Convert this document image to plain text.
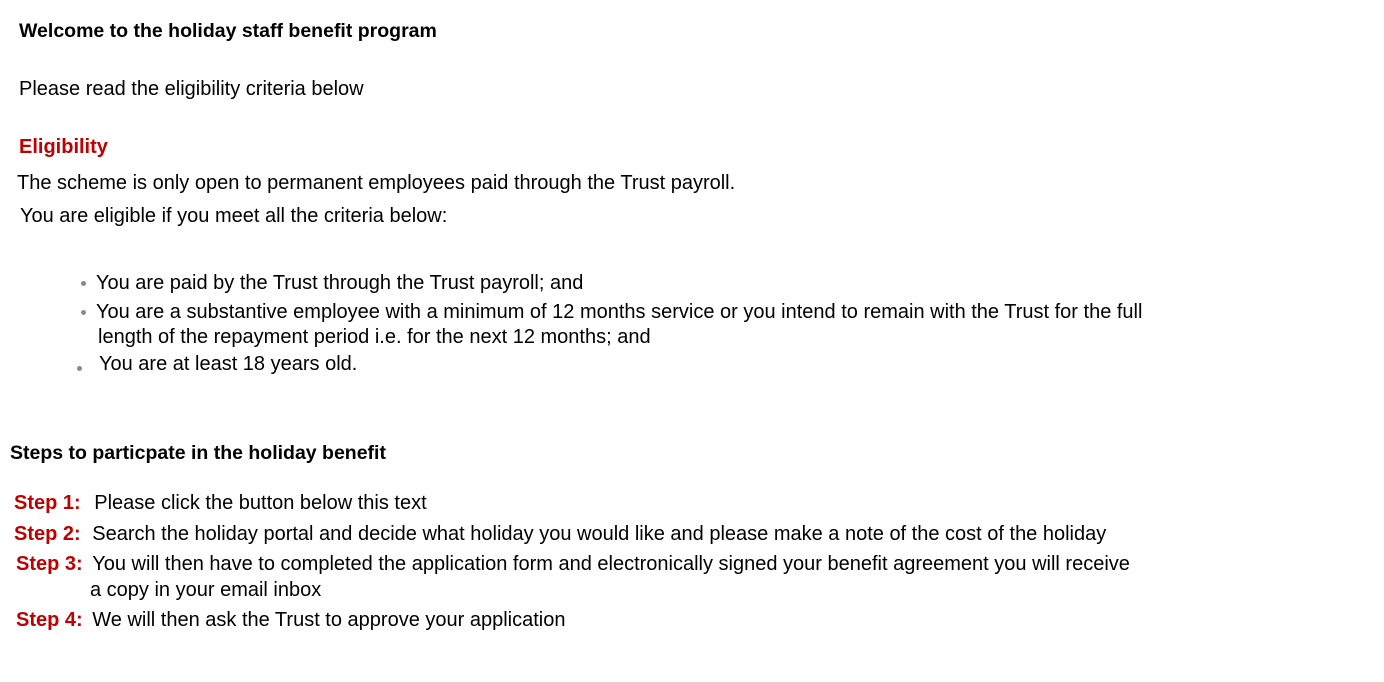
Welcome to the holiday staff benefit program
Please read the eligibility criteria below
Eligibility
The scheme is only open to permanent employees paid through the Trust payroll.
You are eligible if you meet all the criteria below:
You are paid by the Trust through the Trust payroll; and
You are a substantive employee with a minimum of 12 months service or you intend to remain with the Trust for the full
length of the repayment period i.e. for the next 12 months; and
You are at least 18 years old.
Steps to particpate in the holiday benefit
Step 1: Please click the button below this text
Step 2: Search the holiday portal and decide what holiday you would like and please make a note of the cost of the holiday
Step 3: You will then have to completed the application form and electronically signed your benefit agreement you will receive
a copy in your email inbox
Step 4: We will then ask the Trust to approve your application
